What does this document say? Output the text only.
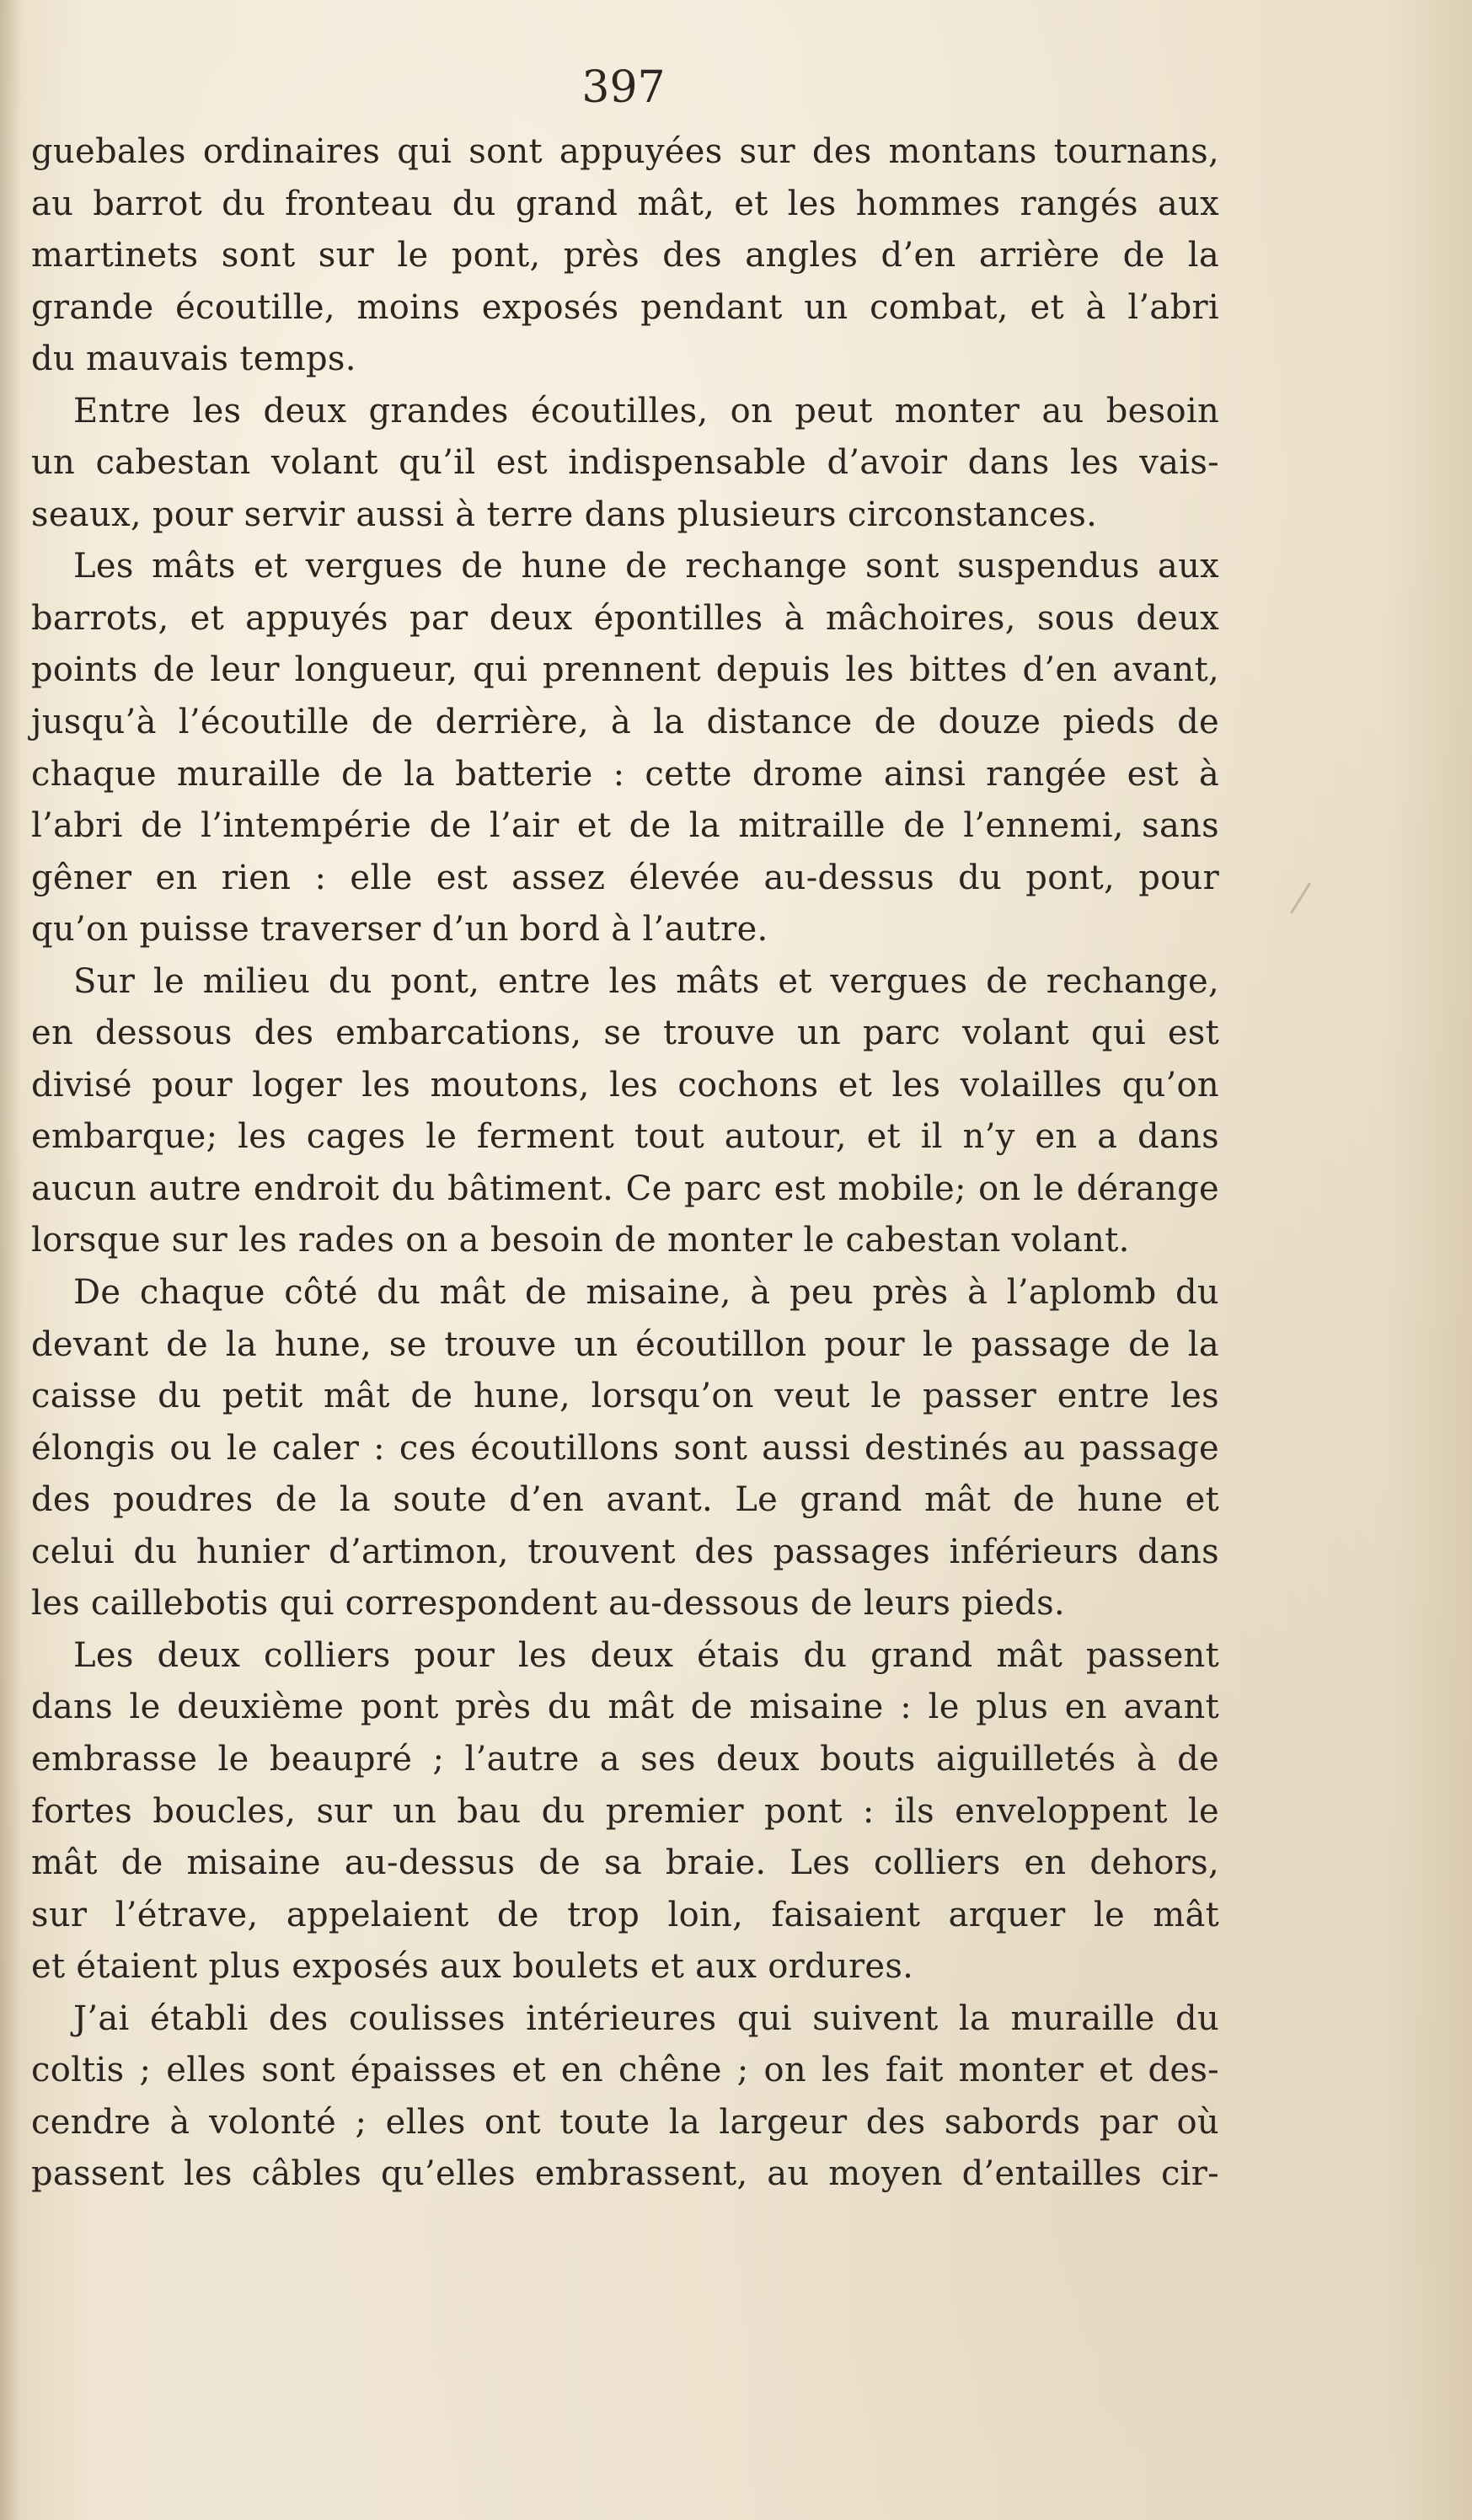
397
guebales ordinaires qui sont appuyées sur des montans tournans,
au barrot du fronteau du grand mât, et les hommes rangés aux
martinets sont sur le pont, près des angles d’en arrière de la
grande écoutille, moins exposés pendant un combat, et à l’abri
du mauvais temps.
Entre les deux grandes écoutilles, on peut monter au besoin
un cabestan volant qu’il est indispensable d’avoir dans les vais-
seaux, pour servir aussi à terre dans plusieurs circonstances.
Les mâts et vergues de hune de rechange sont suspendus aux
barrots, et appuyés par deux épontilles à mâchoires, sous deux
points de leur longueur, qui prennent depuis les bittes d’en avant,
jusqu’à l’écoutille de derrière, à la distance de douze pieds de
chaque muraille de la batterie : cette drome ainsi rangée est à
l’abri de l’intempérie de l’air et de la mitraille de l’ennemi, sans
gêner en rien : elle est assez élevée au-dessus du pont, pour
qu’on puisse traverser d’un bord à l’autre.
Sur le milieu du pont, entre les mâts et vergues de rechange,
en dessous des embarcations, se trouve un parc volant qui est
divisé pour loger les moutons, les cochons et les volailles qu’on
embarque; les cages le ferment tout autour, et il n’y en a dans
aucun autre endroit du bâtiment. Ce parc est mobile; on le dérange
lorsque sur les rades on a besoin de monter le cabestan volant.
De chaque côté du mât de misaine, à peu près à l’aplomb du
devant de la hune, se trouve un écoutillon pour le passage de la
caisse du petit mât de hune, lorsqu’on veut le passer entre les
élongis ou le caler : ces écoutillons sont aussi destinés au passage
des poudres de la soute d’en avant. Le grand mât de hune et
celui du hunier d’artimon, trouvent des passages inférieurs dans
les caillebotis qui correspondent au-dessous de leurs pieds.
Les deux colliers pour les deux étais du grand mât passent
dans le deuxième pont près du mât de misaine : le plus en avant
embrasse le beaupré ; l’autre a ses deux bouts aiguilletés à de
fortes boucles, sur un bau du premier pont : ils enveloppent le
mât de misaine au-dessus de sa braie. Les colliers en dehors,
sur l’étrave, appelaient de trop loin, faisaient arquer le mât
et étaient plus exposés aux boulets et aux ordures.
J’ai établi des coulisses intérieures qui suivent la muraille du
coltis ; elles sont épaisses et en chêne ; on les fait monter et des-
cendre à volonté ; elles ont toute la largeur des sabords par où
passent les câbles qu’elles embrassent, au moyen d’entailles cir-
